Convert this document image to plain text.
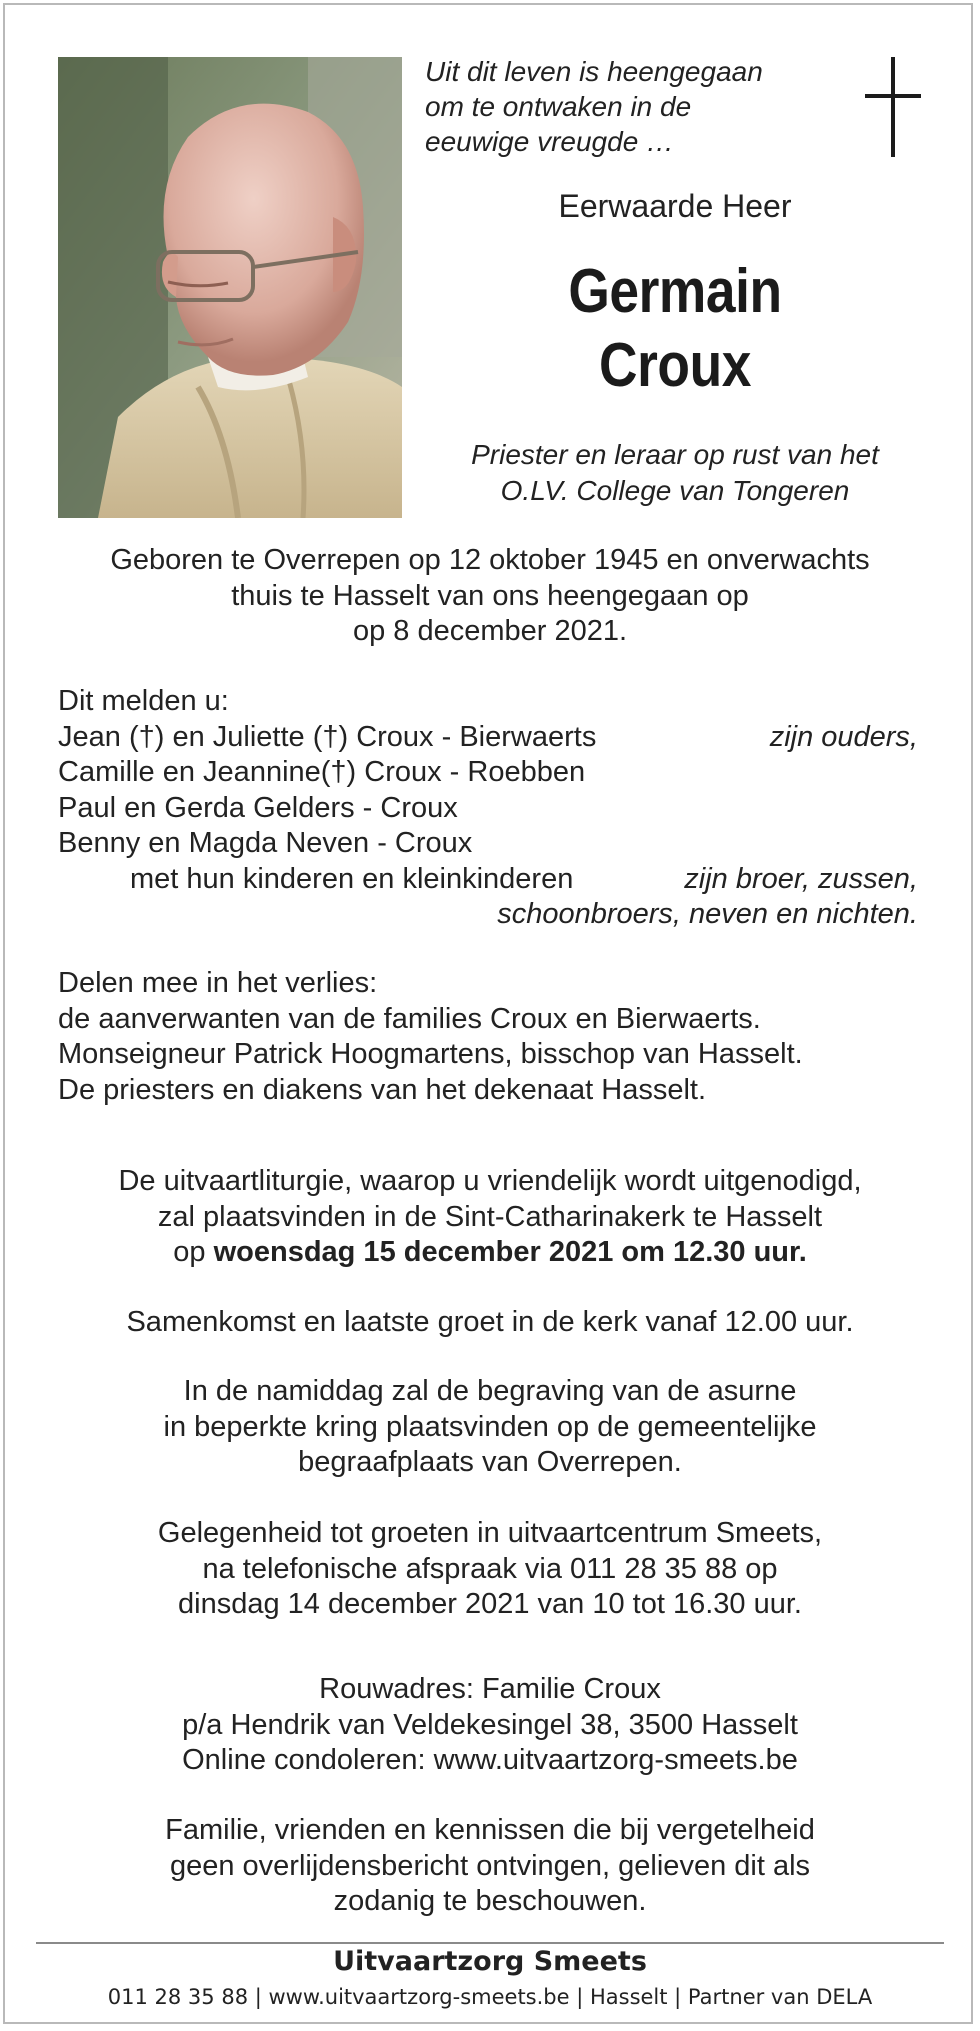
Uit dit leven is heengegaan
om te ontwaken in de
eeuwige vreugde …
Eerwaarde Heer
Germain
Croux
Priester en leraar op rust van het
O.LV. College van Tongeren
Geboren te Overrepen op 12 oktober 1945 en onverwachts
thuis te Hasselt van ons heengegaan op
op 8 december 2021.
Dit melden u:
Jean (†) en Juliette (†) Croux - Bierwaerts	zijn ouders,
Camille en Jeannine(†) Croux - Roebben
Paul en Gerda Gelders - Croux
Benny en Magda Neven - Croux
met hun kinderen en kleinkinderen	zijn broer, zussen,
schoonbroers, neven en nichten.
Delen mee in het verlies:
de aanverwanten van de families Croux en Bierwaerts.
Monseigneur Patrick Hoogmartens, bisschop van Hasselt.
De priesters en diakens van het dekenaat Hasselt.
De uitvaartliturgie, waarop u vriendelijk wordt uitgenodigd,
zal plaatsvinden in de Sint-Catharinakerk te Hasselt
op woensdag 15 december 2021 om 12.30 uur.
Samenkomst en laatste groet in de kerk vanaf 12.00 uur.
In de namiddag zal de begraving van de asurne
in beperkte kring plaatsvinden op de gemeentelijke
begraafplaats van Overrepen.
Gelegenheid tot groeten in uitvaartcentrum Smeets,
na telefonische afspraak via 011 28 35 88 op
dinsdag 14 december 2021 van 10 tot 16.30 uur.
Rouwadres: Familie Croux
p/a Hendrik van Veldekesingel 38, 3500 Hasselt
Online condoleren: www.uitvaartzorg-smeets.be
Familie, vrienden en kennissen die bij vergetelheid
geen overlijdensbericht ontvingen, gelieven dit als
zodanig te beschouwen.
Uitvaartzorg Smeets
011 28 35 88 | www.uitvaartzorg-smeets.be | Hasselt | Partner van DELA
